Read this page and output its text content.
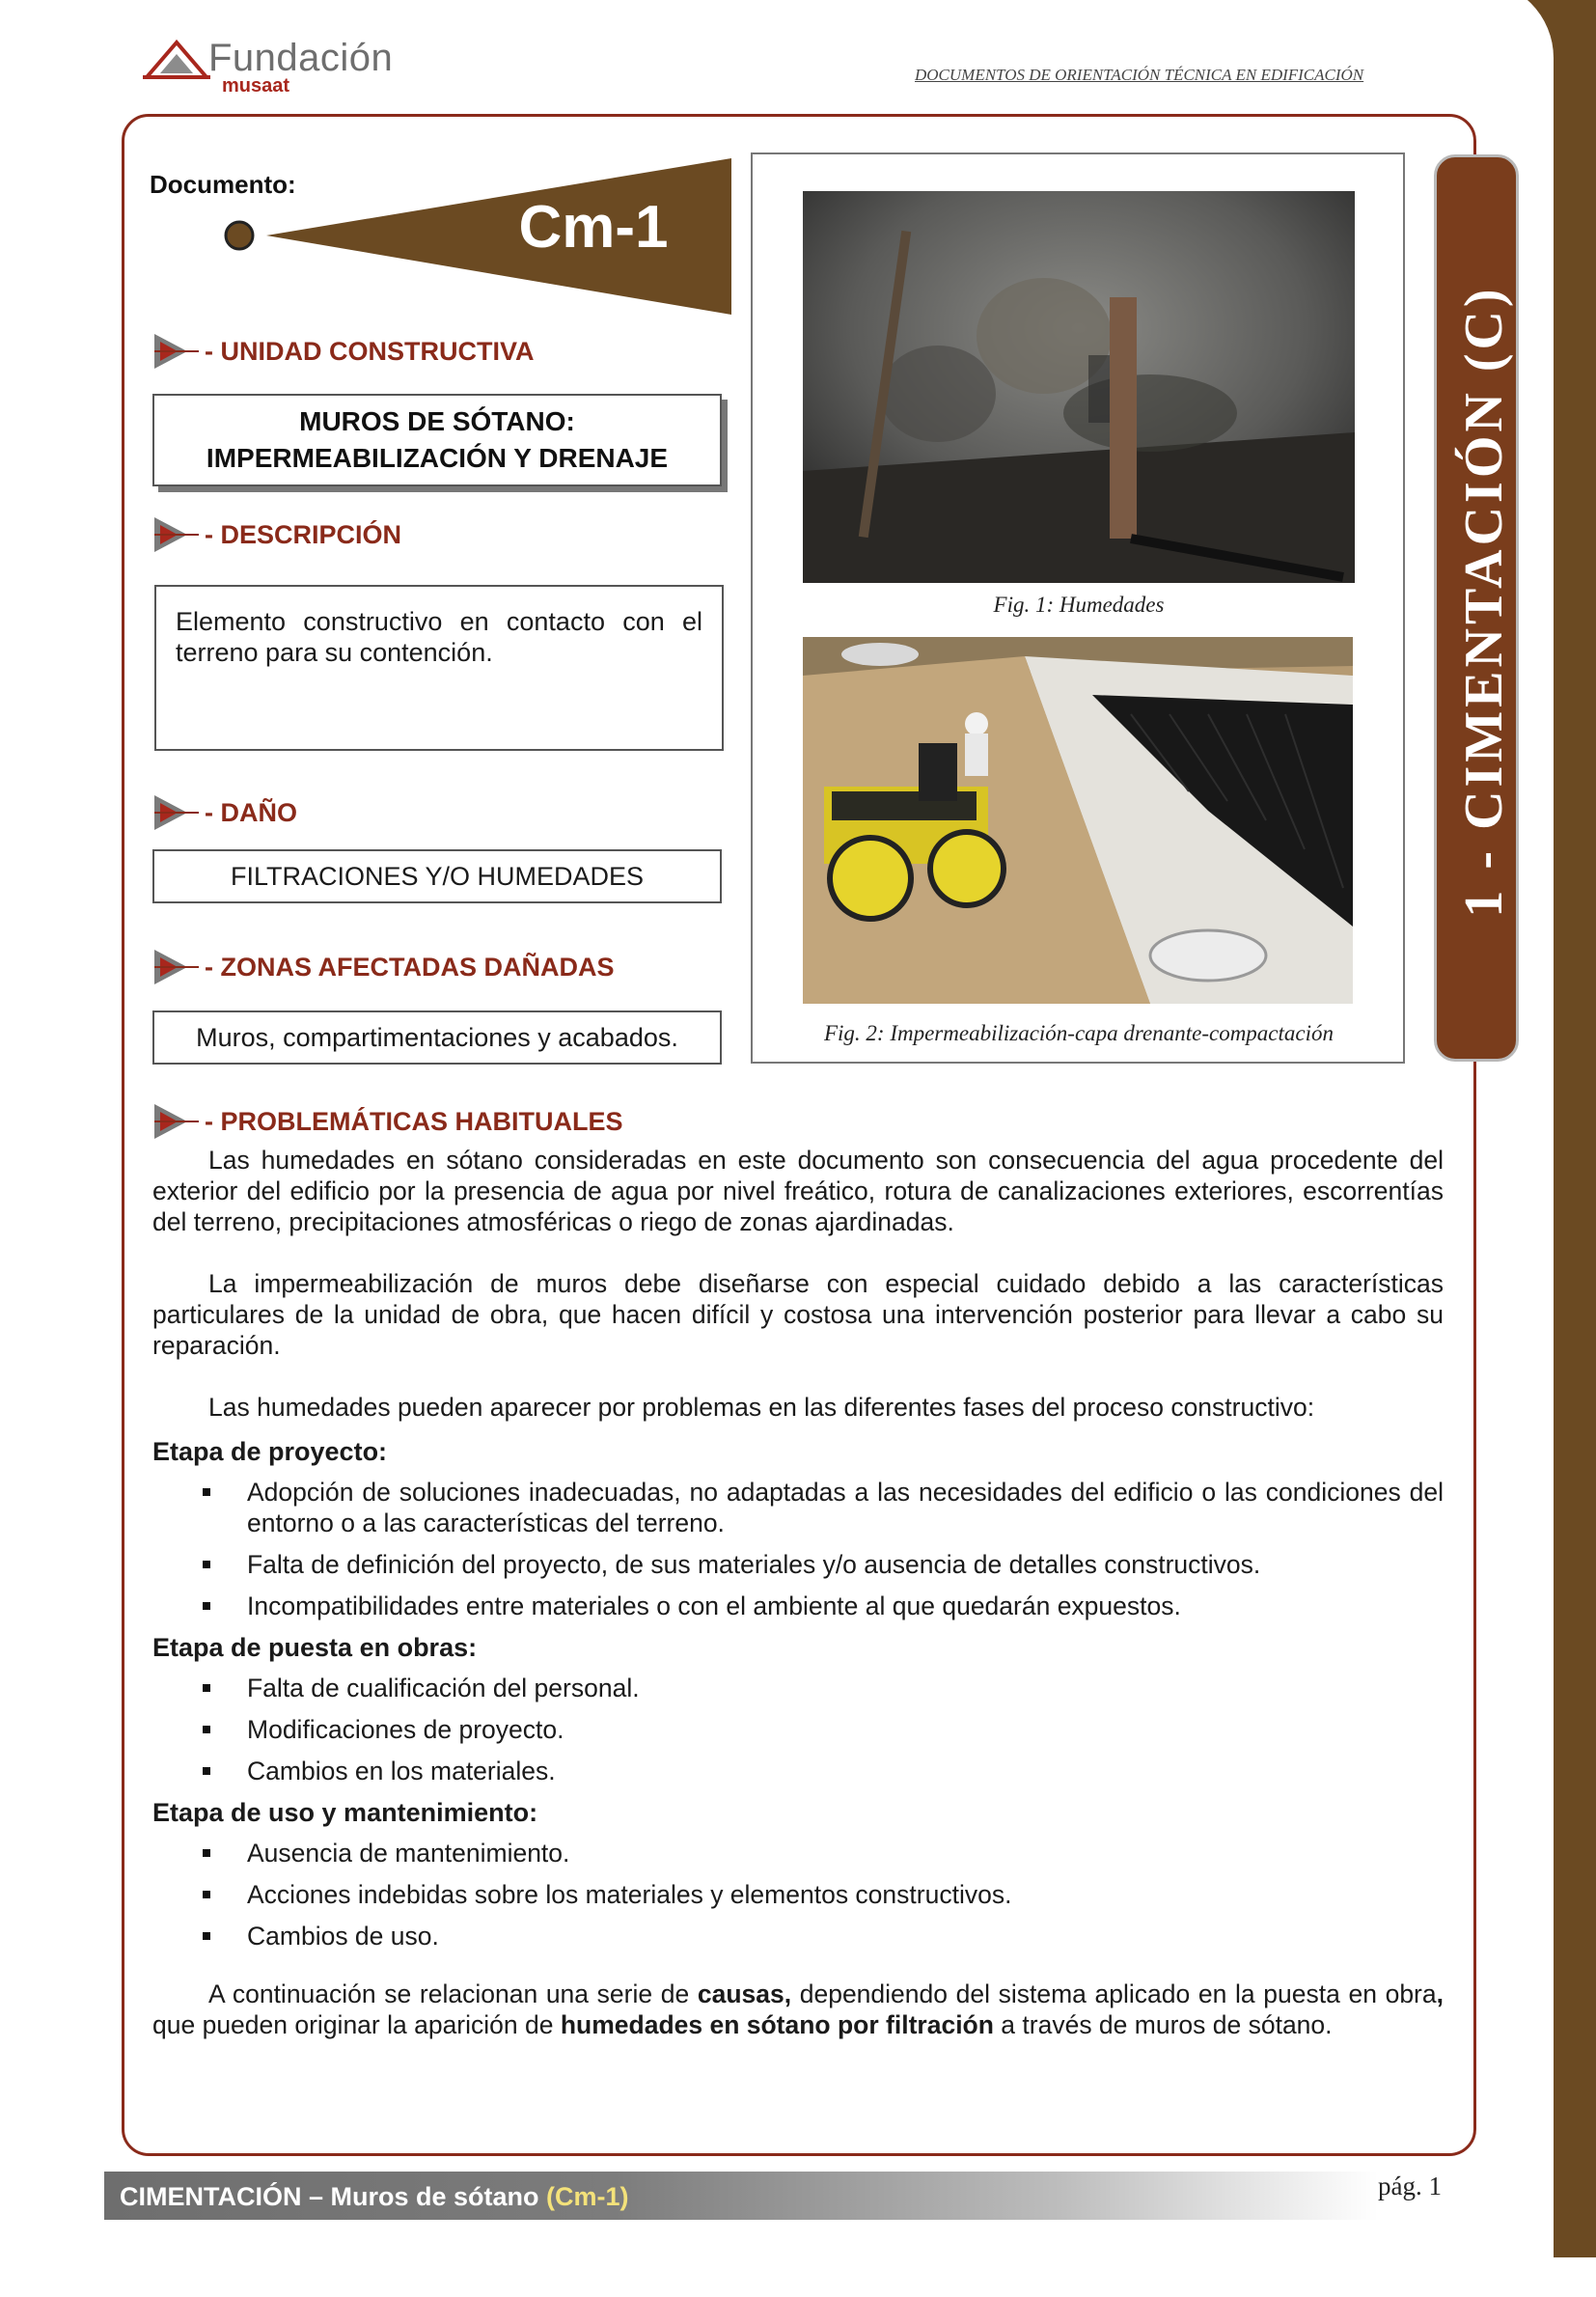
Fundación
musaat
DOCUMENTOS DE ORIENTACIÓN TÉCNICA EN EDIFICACIÓN
1 - CIMENTACIÓN (C)
Documento:
Cm-1
- UNIDAD CONSTRUCTIVA
MUROS DE SÓTANO:
IMPERMEABILIZACIÓN Y DRENAJE
- DESCRIPCIÓN
Elemento constructivo en contacto con el terreno para su contención.
- DAÑO
FILTRACIONES Y/O HUMEDADES
- ZONAS AFECTADAS DAÑADAS
Muros, compartimentaciones y acabados.
Fig. 1: Humedades
Fig. 2: Impermeabilización-capa drenante-compactación
- PROBLEMÁTICAS HABITUALES

Las humedades en sótano consideradas en este documento son consecuencia del agua procedente del exterior del edificio por la presencia de agua por nivel freático, rotura de canalizaciones exteriores, escorrentías del terreno, precipitaciones atmosféricas o riego de zonas ajardinadas.

La impermeabilización de muros debe diseñarse con especial cuidado debido a las características particulares de la unidad de obra, que hacen difícil y costosa una intervención posterior para llevar a cabo su reparación.

Las humedades pueden aparecer por problemas en las diferentes fases del proceso constructivo:

Etapa de proyecto:

Adopción de soluciones inadecuadas, no adaptadas a las necesidades del edificio o las condiciones del entorno o a las características del terreno.

Falta de definición del proyecto, de sus materiales y/o ausencia de detalles constructivos.

Incompatibilidades entre materiales o con el ambiente al que quedarán expuestos.

Etapa de puesta en obras:

Falta de cualificación del personal.

Modificaciones de proyecto.

Cambios en los materiales.

Etapa de uso y mantenimiento:

Ausencia de mantenimiento.

Acciones indebidas sobre los materiales y elementos constructivos.

Cambios de uso.

A continuación se relacionan una serie de causas, dependiendo del sistema aplicado en la puesta en obra, que pueden originar la aparición de humedades en sótano por filtración a través de muros de sótano.

CIMENTACIÓN – Muros de sótano (Cm-1)	pág. 1
